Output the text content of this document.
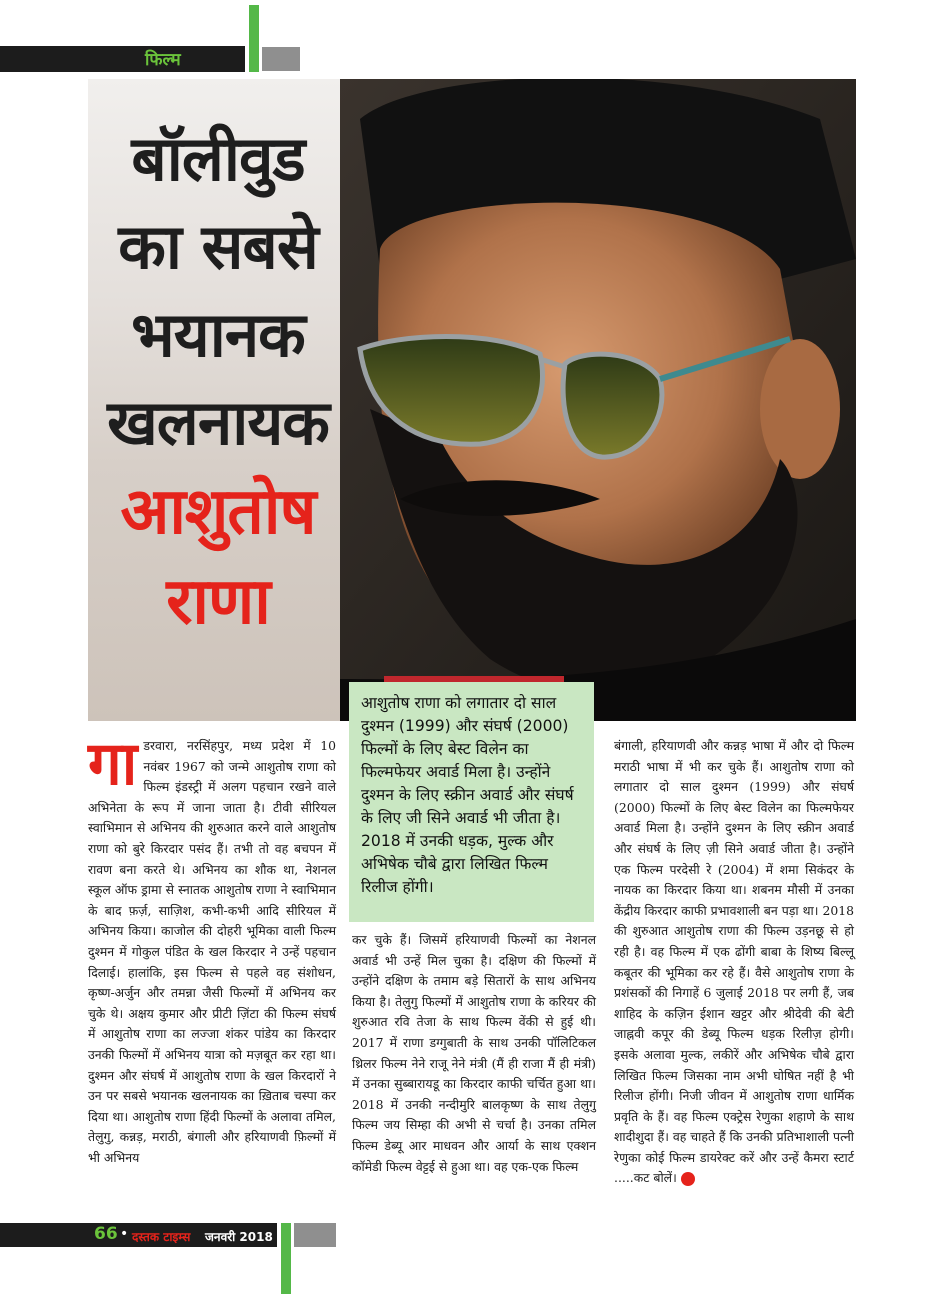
फिल्म
बॉलीवुड
का सबसे
भयानक
खलनायक
आशुतोष
राणा
आशुतोष राणा को लगातार दो साल दुश्मन (1999) और संघर्ष (2000) फिल्मों के लिए बेस्ट विलेन का फिल्मफेयर अवार्ड मिला है। उन्होंने दुश्मन के लिए स्क्रीन अवार्ड और संघर्ष के लिए जी सिने अवार्ड भी जीता है। 2018 में उनकी धड़क, मुल्क और अभिषेक चौबे द्वारा लिखित फिल्म रिलीज होंगी।
गाडरवारा, नरसिंहपुर, मध्य प्रदेश में 10 नवंबर 1967 को जन्मे आशुतोष राणा को फिल्म इंडस्ट्री में अलग पहचान रखने वाले अभिनेता के रूप में जाना जाता है। टीवी सीरियल स्वाभिमान से अभिनय की शुरुआत करने वाले आशुतोष राणा को बुरे किरदार पसंद हैं। तभी तो वह बचपन में रावण बना करते थे। अभिनय का शौक था, नेशनल स्कूल ऑफ ड्रामा से स्नातक आशुतोष राणा ने स्वाभिमान के बाद फ़र्ज़, साज़िश, कभी-कभी आदि सीरियल में अभिनय किया। काजोल की दोहरी भूमिका वाली फिल्म दुश्मन में गोकुल पंडित के खल किरदार ने उन्हें पहचान दिलाई। हालांकि, इस फिल्म से पहले वह संशोधन, कृष्ण-अर्जुन और तमन्ना जैसी फिल्मों में अभिनय कर चुके थे। अक्षय कुमार और प्रीटी ज़िंटा की फिल्म संघर्ष में आशुतोष राणा का लज्जा शंकर पांडेय का किरदार उनकी फिल्मों में अभिनय यात्रा को मज़बूत कर रहा था। दुश्मन और संघर्ष में आशुतोष राणा के खल किरदारों ने उन पर सबसे भयानक खलनायक का ख़िताब चस्पा कर दिया था। आशुतोष राणा हिंदी फिल्मों के अलावा तमिल, तेलुगु, कन्नड़, मराठी, बंगाली और हरियाणवी फ़िल्मों में भी अभिनय
कर चुके हैं। जिसमें हरियाणवी फिल्मों का नेशनल अवार्ड भी उन्हें मिल चुका है। दक्षिण की फिल्मों में उन्होंने दक्षिण के तमाम बड़े सितारों के साथ अभिनय किया है। तेलुगु फिल्मों में आशुतोष राणा के करियर की शुरुआत रवि तेजा के साथ फिल्म वेंकी से हुई थी। 2017 में राणा डग्गुबाती के साथ उनकी पॉलिटिकल थ्रिलर फिल्म नेने राजू नेने मंत्री (मैं ही राजा मैं ही मंत्री) में उनका सुब्बारायडू का किरदार काफी चर्चित हुआ था। 2018 में उनकी नन्दीमुरि बालकृष्ण के साथ तेलुगु फिल्म जय सिम्हा की अभी से चर्चा है। उनका तमिल फिल्म डेब्यू आर माधवन और आर्या के साथ एक्शन कॉमेडी फिल्म वेट्टई से हुआ था। वह एक-एक फिल्म
बंगाली, हरियाणवी और कन्नड़ भाषा में और दो फिल्म मराठी भाषा में भी कर चुके हैं। आशुतोष राणा को लगातार दो साल दुश्मन (1999) और संघर्ष (2000) फिल्मों के लिए बेस्ट विलेन का फिल्मफेयर अवार्ड मिला है। उन्होंने दुश्मन के लिए स्क्रीन अवार्ड और संघर्ष के लिए ज़ी सिने अवार्ड जीता है। उन्होंने एक फिल्म परदेसी रे (2004) में शमा सिकंदर के नायक का किरदार किया था। शबनम मौसी में उनका केंद्रीय किरदार काफी प्रभावशाली बन पड़ा था। 2018 की शुरुआत आशुतोष राणा की फिल्म उड़नछू से हो रही है। वह फिल्म में एक ढोंगी बाबा के शिष्य बिल्लू कबूतर की भूमिका कर रहे हैं। वैसे आशुतोष राणा के प्रशंसकों की निगाहें 6 जुलाई 2018 पर लगी हैं, जब शाहिद के कज़िन ईशान खट्टर और श्रीदेवी की बेटी जाह्नवी कपूर की डेब्यू फिल्म धड़क रिलीज़ होगी। इसके अलावा मुल्क, लकीरें और अभिषेक चौबे द्वारा लिखित फिल्म जिसका नाम अभी घोषित नहीं है भी रिलीज होंगी। निजी जीवन में आशुतोष राणा धार्मिक प्रवृति के हैं। वह फिल्म एक्ट्रेस रेणुका शहाणे के साथ शादीशुदा हैं। वह चाहते हैं कि उनकी प्रतिभाशाली पत्नी रेणुका कोई फिल्म डायरेक्ट करें और उन्हें कैमरा स्टार्ट .....कट बोलें।
66 • दस्तक टाइम्स जनवरी 2018
